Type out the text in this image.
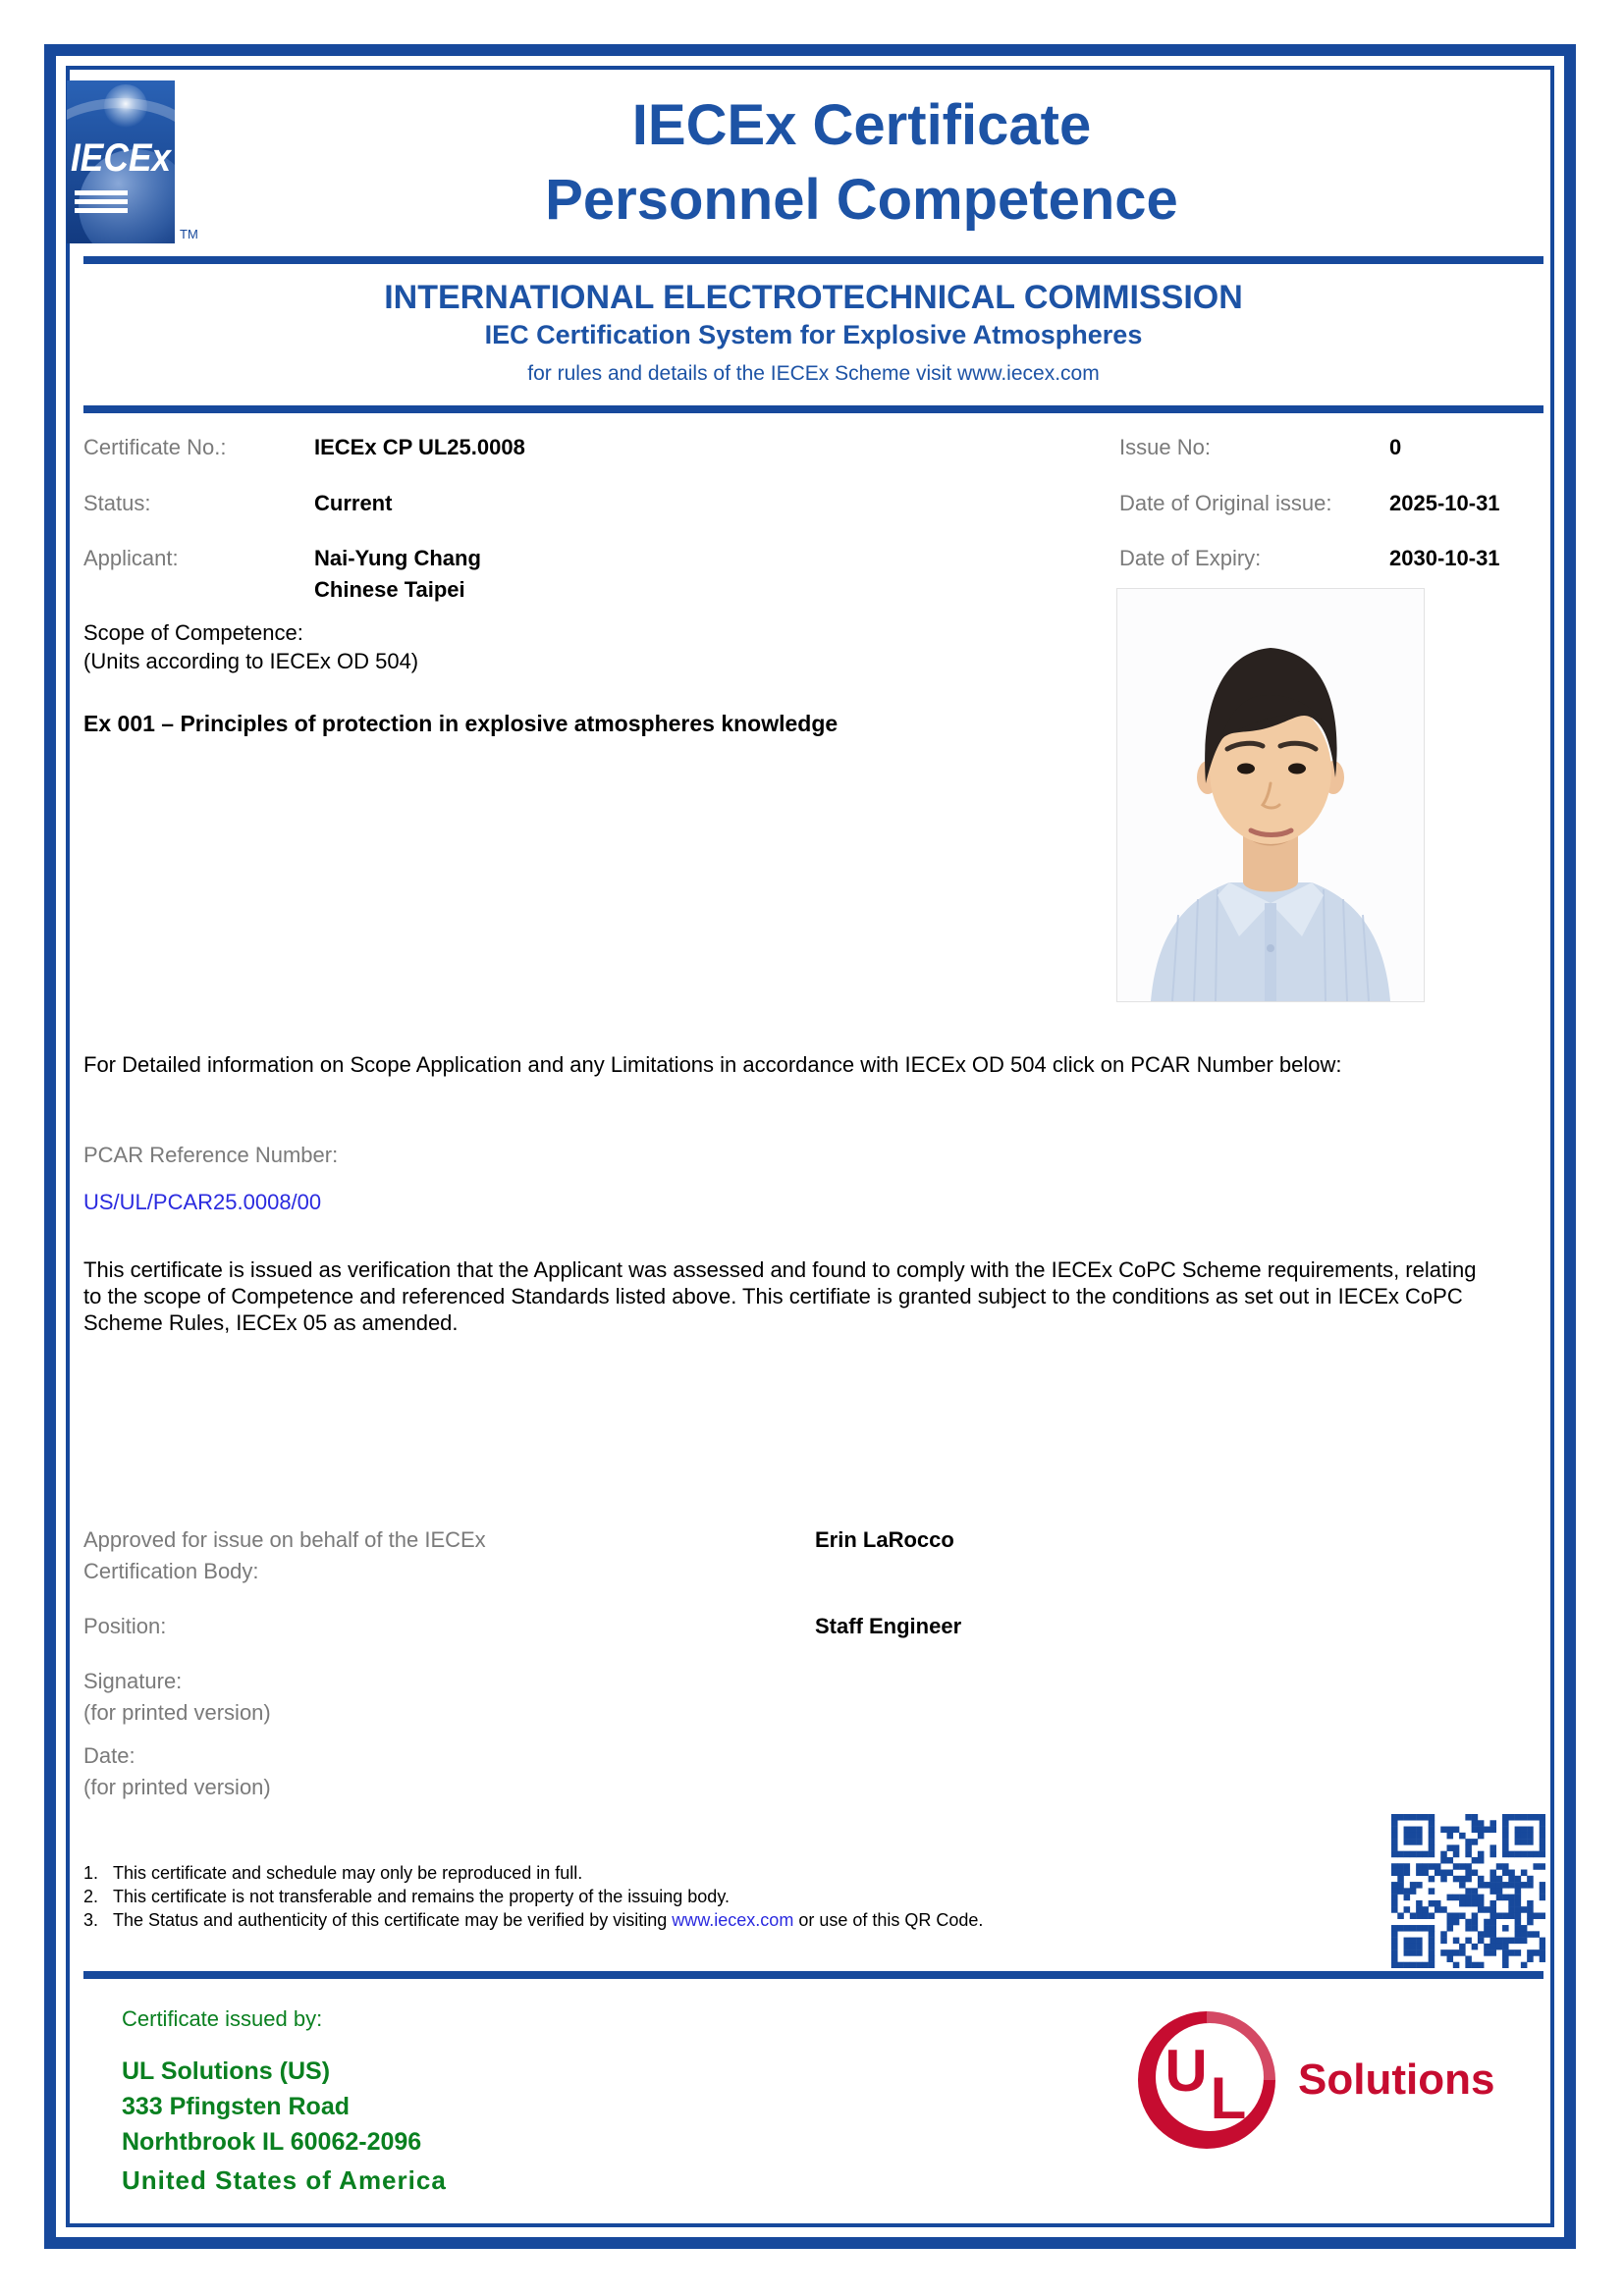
IECEx
TM
IECEx Certificate
Personnel Competence
INTERNATIONAL ELECTROTECHNICAL COMMISSION
IEC Certification System for Explosive Atmospheres
for rules and details of the IECEx Scheme visit www.iecex.com
Certificate No.:	IECEx CP UL25.0008	Issue No:	0
Status:	Current	Date of Original issue:	2025-10-31
Applicant:	Nai-Yung Chang
Chinese Taipei
Date of Expiry:	2030-10-31
Scope of Competence:
(Units according to IECEx OD 504)
Ex 001 – Principles of protection in explosive atmospheres knowledge
For Detailed information on Scope Application and any Limitations in accordance with IECEx OD 504 click on PCAR Number below:
PCAR Reference Number:
US/UL/PCAR25.0008/00
This certificate is issued as verification that the Applicant was assessed and found to comply with the IECEx CoPC Scheme requirements, relating to the scope of Competence and referenced Standards listed above. This certifiate is granted subject to the conditions as set out in IECEx CoPC Scheme Rules, IECEx 05 as amended.
Approved for issue on behalf of the IECEx
Certification Body:
Erin LaRocco
Position:	Staff Engineer
Signature:
(for printed version)
Date:
(for printed version)
1. This certificate and schedule may only be reproduced in full.
2. This certificate is not transferable and remains the property of the issuing body.
3. The Status and authenticity of this certificate may be verified by visiting www.iecex.com or use of this QR Code.
Certificate issued by:
UL Solutions (US)
333 Pfingsten Road
Norhtbrook IL 60062-2096
United States of America
U L Solutions
